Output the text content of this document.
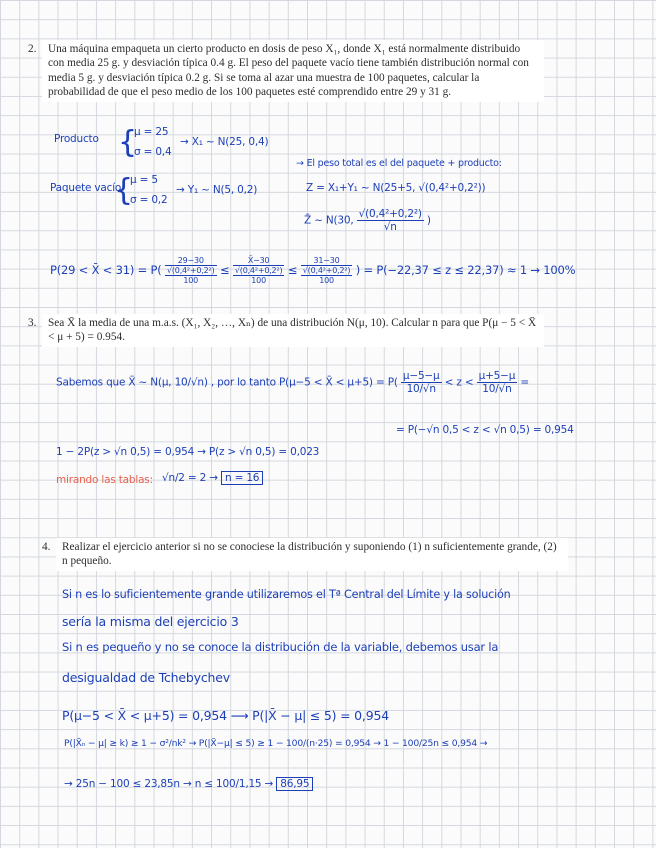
2. Una máquina empaqueta un cierto producto en dosis de peso X₁, donde X₁ está normalmente distribuido con media 25 g. y desviación típica 0.4 g. El peso del paquete vacío tiene también distribución normal con media 5 g. y desviación típica 0.2 g. Si se toma al azar una muestra de 100 paquetes, calcular la probabilidad de que el peso medio de los 100 paquetes esté comprendido entre 29 y 31 g.
Producto {
μ = 25
σ = 0,4
→ X₁ ~ N(25, 0,4)
Paquete vacío
{
μ = 5
σ = 0,2
→ Y₁ ~ N(5, 0,2)
→ El peso total es el del paquete + producto:
Z = X₁+Y₁ ~ N(25+5, √(0,4²+0,2²))
Z̄ ~ N(30, $\frac{\text{√(0,4²+0,2²)}}{√n}$ )
P(29 < X̄ < 31) = P(
29−30
√(0,4²+0,2²)
100
≤
X̄−30
√(0,4²+0,2²)
100
≤
31−30
√(0,4²+0,2²)
100
) = P(−22,37 ≤ z ≤ 22,37) ≈ 1 → 100%
3. Sea X̄ la media de una m.a.s. (X₁, X₂, …, Xₙ) de una distribución N(μ, 10). Calcular n para que P(μ − 5 < X̄ < μ + 5) = 0.954.
Sabemos que X̄ ~ N(μ, 10/√n) , por lo tanto P(μ−5 < X̄ < $\mu+5) = P( \frac{\mu-5-\mu}{10/√n} < z < \frac{\mu+5-\mu}{10/√n}$ =
= P(−√n 0,5 < z < √n 0,5) = 0,954
1 − 2P(z > √n 0,5) = 0,954 → P(z > √n 0,5) = 0,023
mirando las tablas: √n/2 = 2 → n = 16
4. Realizar el ejercicio anterior si no se conociese la distribución y suponiendo (1) n suficientemente grande, (2) n pequeño.
Si n es lo suficientemente grande utilizaremos el Tª Central del Límite y la solución
sería la misma del ejercicio 3
Si n es pequeño y no se conoce la distribución de la variable, debemos usar la
desigualdad de Tchebychev
P(μ−5 < X̄ < μ+5) = 0,954 ⟶ P(|X̄ − μ| ≤ 5) = 0,954
P(|X̄ₙ − μ| ≥ k) ≥ 1 − σ²/nk² → P(|X̄−μ| ≤ 5) ≥ 1 − 100/(n·25) = 0,954 → 1 − 100/25n ≤ 0,954 →
→ 25n − 100 ≤ 23,85n → n ≤ 100/1,15 → 86,95
